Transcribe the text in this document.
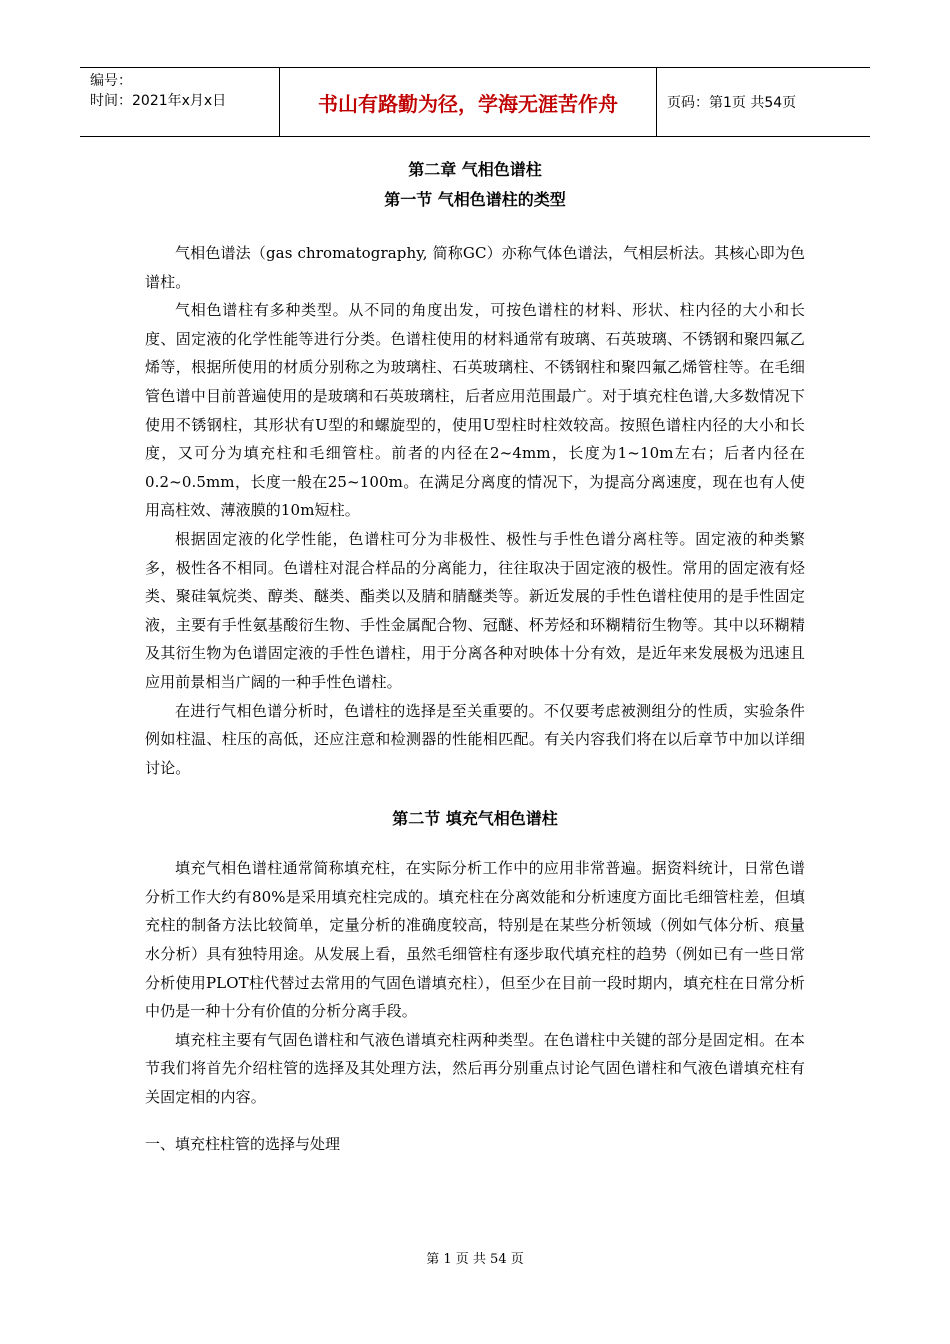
编号：
时间：2021年x月x日	书山有路勤为径，学海无涯苦作舟	页码：第1页 共54页
第二章 气相色谱柱
第一节 气相色谱柱的类型

气相色谱法（gas chromatography, 简称GC）亦称气体色谱法，气相层析法。其核心即为色谱柱。

气相色谱柱有多种类型。从不同的角度出发，可按色谱柱的材料、形状、柱内径的大小和长度、固定液的化学性能等进行分类。色谱柱使用的材料通常有玻璃、石英玻璃、不锈钢和聚四氟乙烯等，根据所使用的材质分别称之为玻璃柱、石英玻璃柱、不锈钢柱和聚四氟乙烯管柱等。在毛细管色谱中目前普遍使用的是玻璃和石英玻璃柱，后者应用范围最广。对于填充柱色谱,大多数情况下使用不锈钢柱，其形状有U型的和螺旋型的，使用U型柱时柱效较高。按照色谱柱内径的大小和长度，又可分为填充柱和毛细管柱。前者的内径在2~4mm，长度为1~10m左右；后者内径在0.2~0.5mm，长度一般在25~100m。在满足分离度的情况下，为提高分离速度，现在也有人使用高柱效、薄液膜的10m短柱。

根据固定液的化学性能，色谱柱可分为非极性、极性与手性色谱分离柱等。固定液的种类繁多，极性各不相同。色谱柱对混合样品的分离能力，往往取决于固定液的极性。常用的固定液有烃类、聚硅氧烷类、醇类、醚类、酯类以及腈和腈醚类等。新近发展的手性色谱柱使用的是手性固定液，主要有手性氨基酸衍生物、手性金属配合物、冠醚、杯芳烃和环糊精衍生物等。其中以环糊精及其衍生物为色谱固定液的手性色谱柱，用于分离各种对映体十分有效，是近年来发展极为迅速且应用前景相当广阔的一种手性色谱柱。

在进行气相色谱分析时，色谱柱的选择是至关重要的。不仅要考虑被测组分的性质，实验条件例如柱温、柱压的高低，还应注意和检测器的性能相匹配。有关内容我们将在以后章节中加以详细讨论。

第二节 填充气相色谱柱

填充气相色谱柱通常简称填充柱，在实际分析工作中的应用非常普遍。据资料统计，日常色谱分析工作大约有80%是采用填充柱完成的。填充柱在分离效能和分析速度方面比毛细管柱差，但填充柱的制备方法比较简单，定量分析的准确度较高，特别是在某些分析领域（例如气体分析、痕量水分析）具有独特用途。从发展上看，虽然毛细管柱有逐步取代填充柱的趋势（例如已有一些日常分析使用PLOT柱代替过去常用的气固色谱填充柱），但至少在目前一段时期内，填充柱在日常分析中仍是一种十分有价值的分析分离手段。

填充柱主要有气固色谱柱和气液色谱填充柱两种类型。在色谱柱中关键的部分是固定相。在本节我们将首先介绍柱管的选择及其处理方法，然后再分别重点讨论气固色谱柱和气液色谱填充柱有关固定相的内容。

一、填充柱柱管的选择与处理
第 1 页 共 54 页
